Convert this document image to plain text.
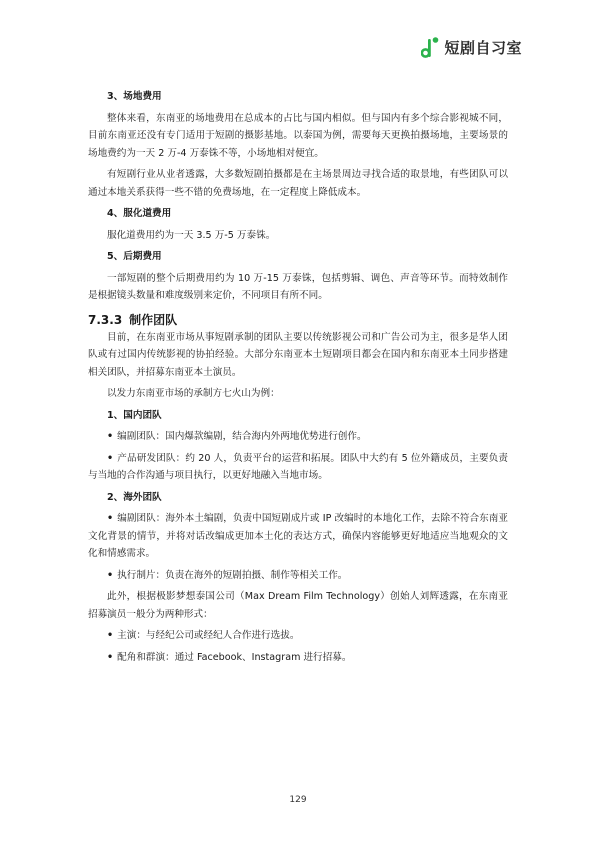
短剧自习室
3、场地费用

整体来看，东南亚的场地费用在总成本的占比与国内相似。但与国内有多个综合影视城不同，目前东南亚还没有专门适用于短剧的摄影基地。以泰国为例，需要每天更换拍摄场地，主要场景的场地费约为一天 2 万-4 万泰铢不等，小场地相对便宜。

有短剧行业从业者透露，大多数短剧拍摄都是在主场景周边寻找合适的取景地，有些团队可以通过本地关系获得一些不错的免费场地，在一定程度上降低成本。

4、服化道费用

服化道费用约为一天 3.5 万-5 万泰铢。

5、后期费用

一部短剧的整个后期费用约为 10 万-15 万泰铢，包括剪辑、调色、声音等环节。而特效制作是根据镜头数量和难度级别来定价，不同项目有所不同。

7.3.3 制作团队

目前，在东南亚市场从事短剧承制的团队主要以传统影视公司和广告公司为主，很多是华人团队或有过国内传统影视的协拍经验。大部分东南亚本土短剧项目都会在国内和东南亚本土同步搭建相关团队，并招募东南亚本土演员。

以发力东南亚市场的承制方七火山为例：

1、国内团队

• 编剧团队：国内爆款编剧，结合海内外两地优势进行创作。

• 产品研发团队：约 20 人，负责平台的运营和拓展。团队中大约有 5 位外籍成员，主要负责与当地的合作沟通与项目执行，以更好地融入当地市场。

2、海外团队

• 编剧团队：海外本土编剧，负责中国短剧成片或 IP 改编时的本地化工作，去除不符合东南亚文化背景的情节，并将对话改编成更加本土化的表达方式，确保内容能够更好地适应当地观众的文化和情感需求。

• 执行制片：负责在海外的短剧拍摄、制作等相关工作。

此外，根据极影梦想泰国公司（Max Dream Film Technology）创始人刘辉透露，在东南亚招募演员一般分为两种形式：

• 主演：与经纪公司或经纪人合作进行选拔。

• 配角和群演：通过 Facebook、Instagram 进行招募。

129
